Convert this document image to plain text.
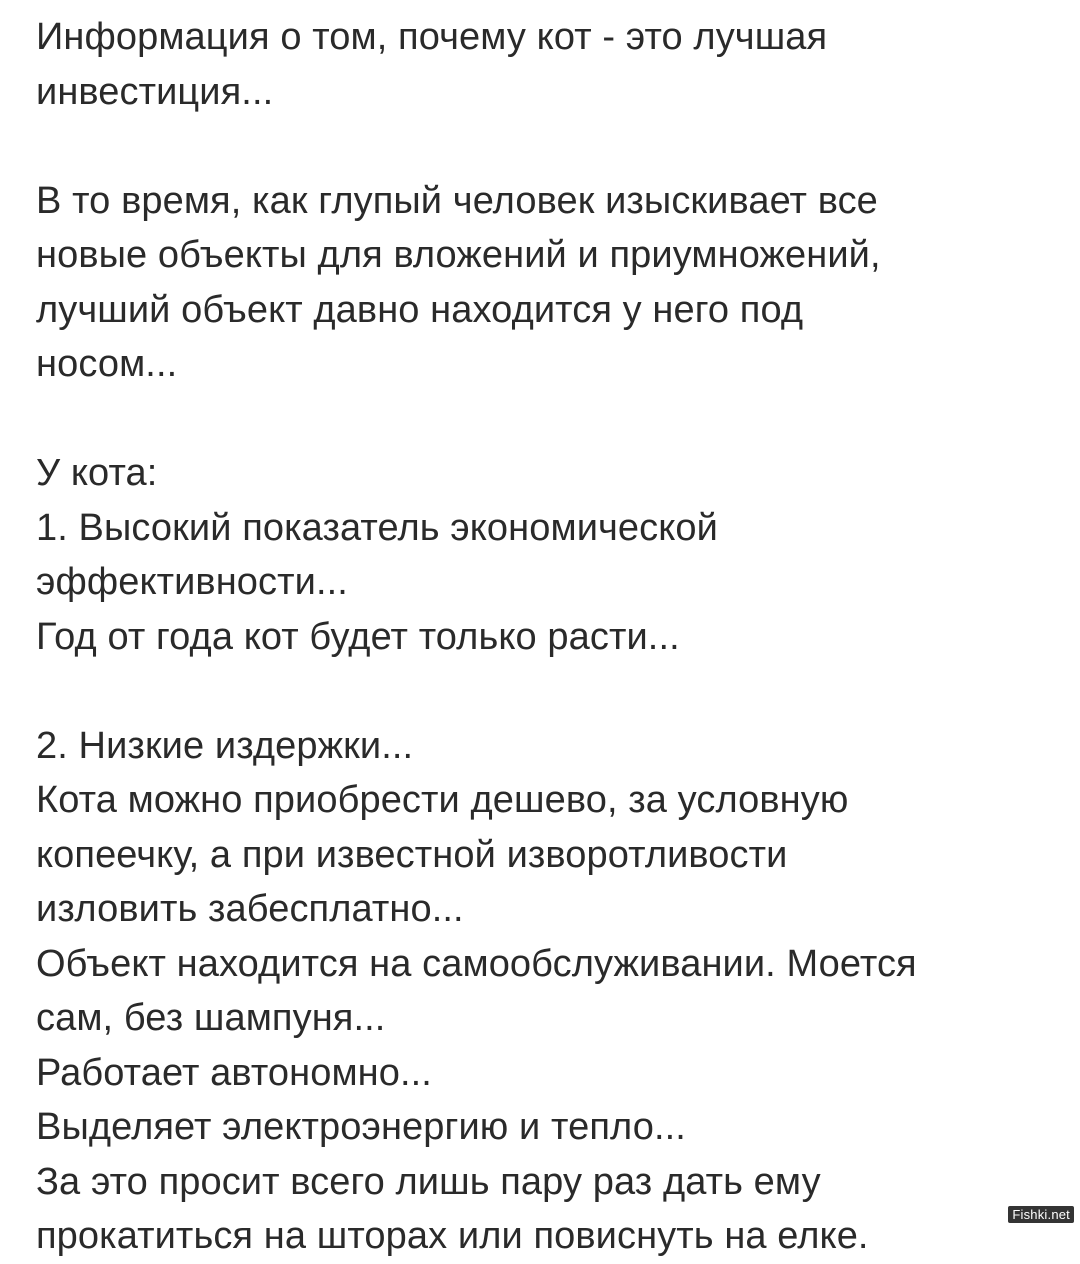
Информация о том, почему кот - это лучшая
инвестиция...
В то время, как глупый человек изыскивает все
новые объекты для вложений и приумножений,
лучший объект давно находится у него под
носом...
У кота:
1. Высокий показатель экономической
эффективности...
Год от года кот будет только расти...
2. Низкие издержки...
Кота можно приобрести дешево, за условную
копеечку, а при известной изворотливости
изловить забесплатно...
Объект находится на самообслуживании. Моется
сам, без шампуня...
Работает автономно...
Выделяет электроэнергию и тепло...
За это просит всего лишь пару раз дать ему
прокатиться на шторах или повиснуть на елке.
Fishki.net
